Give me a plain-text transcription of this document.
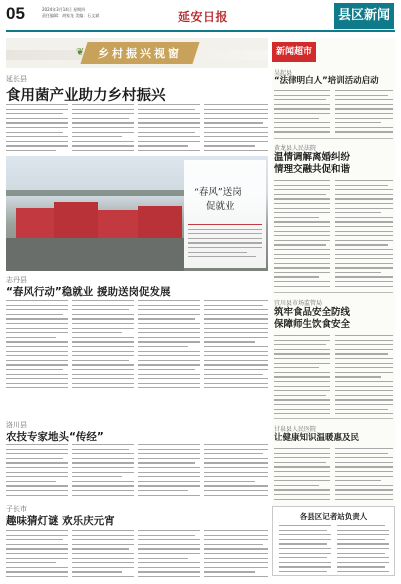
05	2024年3月14日 星期四
责任编辑：胡家龙 美编：石文斌	延安日报	县区新闻
❦ 乡村振兴视窗
延长县
食用菌产业助力乡村振兴
“春风”送岗
促就业
志丹县
“春风行动”稳就业 援助送岗促发展
洛川县
农技专家地头“传经”
子长市
趣味猜灯谜 欢乐庆元宵
新闻超市
吴起县
“法律明白人”培训活动启动
黄龙县人民法院
温情调解离婚纠纷
情理交融共促和谐
宜川县市场监管局
筑牢食品安全防线
保障师生饮食安全
甘泉县人民医院
让健康知识温暖惠及民
各县区记者站负责人
